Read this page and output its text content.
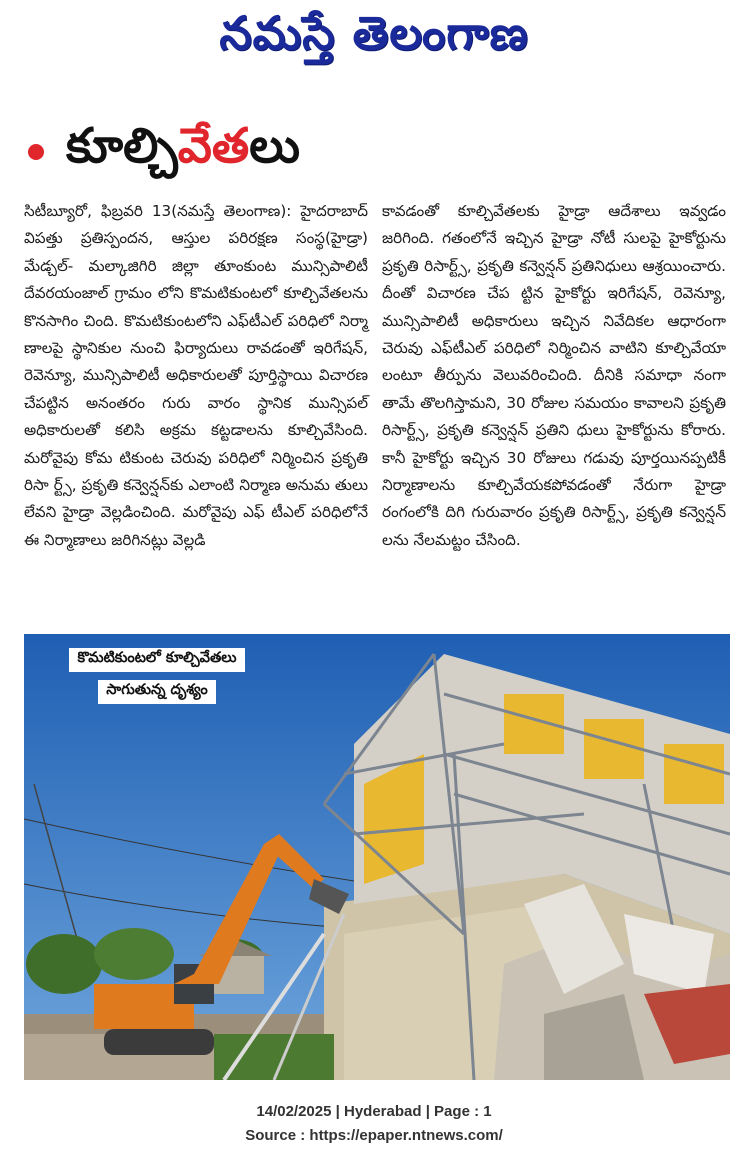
నమస్తే తెలంగాణ
కూల్చివేతలు

సిటీబ్యూరో, ఫిబ్రవరి 13(నమస్తే తెలంగాణ): హైదరాబాద్ విపత్తు ప్రతిస్పందన, ఆస్తుల పరిరక్షణ సంస్థ(హైడ్రా) మేడ్చల్- మల్కాజిగిరి జిల్లా తూంకుంట మున్సిపాలిటీ దేవరయంజాల్ గ్రామం లోని కొమటికుంటలో కూల్చివేతలను కొనసాగిం చింది. కొమటికుంటలోని ఎఫ్‌టీఎల్ పరిధిలో నిర్మా ణాలపై స్థానికుల నుంచి ఫిర్యాదులు రావడంతో ఇరిగేషన్, రెవెన్యూ, మున్సిపాలిటీ అధికారులతో పూర్తిస్థాయి విచారణ చేపట్టిన అనంతరం గురు వారం స్థానిక మున్సిపల్ అధికారులతో కలిసి అక్రమ కట్టడాలను కూల్చివేసింది. మరోవైపు కోమ టికుంట చెరువు పరిధిలో నిర్మించిన ప్రకృతి రిసా ర్ట్స్, ప్రకృతి కన్వెన్షన్‌కు ఎలాంటి నిర్మాణ అనుమ తులు లేవని హైడ్రా వెల్లడించింది. మరోవైపు ఎఫ్ టీఎల్ పరిధిలోనే ఈ నిర్మాణాలు జరిగినట్లు వెల్లడి

కావడంతో కూల్చివేతలకు హైడ్రా ఆదేశాలు ఇవ్వడం జరిగింది. గతంలోనే ఇచ్చిన హైడ్రా నోటీ సులపై హైకోర్టును ప్రకృతి రిసార్ట్స్, ప్రకృతి కన్వెన్షన్ ప్రతినిధులు ఆశ్రయించారు. దీంతో విచారణ చేప ట్టిన హైకోర్టు ఇరిగేషన్, రెవెన్యూ, మున్సిపాలిటీ అధికారులు ఇచ్చిన నివేదికల ఆధారంగా చెరువు ఎఫ్‌టీఎల్ పరిధిలో నిర్మించిన వాటిని కూల్చివేయా లంటూ తీర్పును వెలువరించింది. దీనికి సమాధా నంగా తామే తొలగిస్తామని, 30 రోజుల సమయం కావాలని ప్రకృతి రిసార్ట్స్, ప్రకృతి కన్వెన్షన్ ప్రతిని ధులు హైకోర్టును కోరారు. కానీ హైకోర్టు ఇచ్చిన 30 రోజులు గడువు పూర్తయినప్పటికీ నిర్మాణాలను కూల్చివేయకపోవడంతో నేరుగా హైడ్రా రంగంలోకి దిగి గురువారం ప్రకృతి రిసార్ట్స్, ప్రకృతి కన్వెన్షన్ లను నేలమట్టం చేసింది.

కొమటికుంటలో కూల్చివేతలు
సాగుతున్న దృశ్యం
14/02/2025 | Hyderabad | Page : 1
Source : https://epaper.ntnews.com/
